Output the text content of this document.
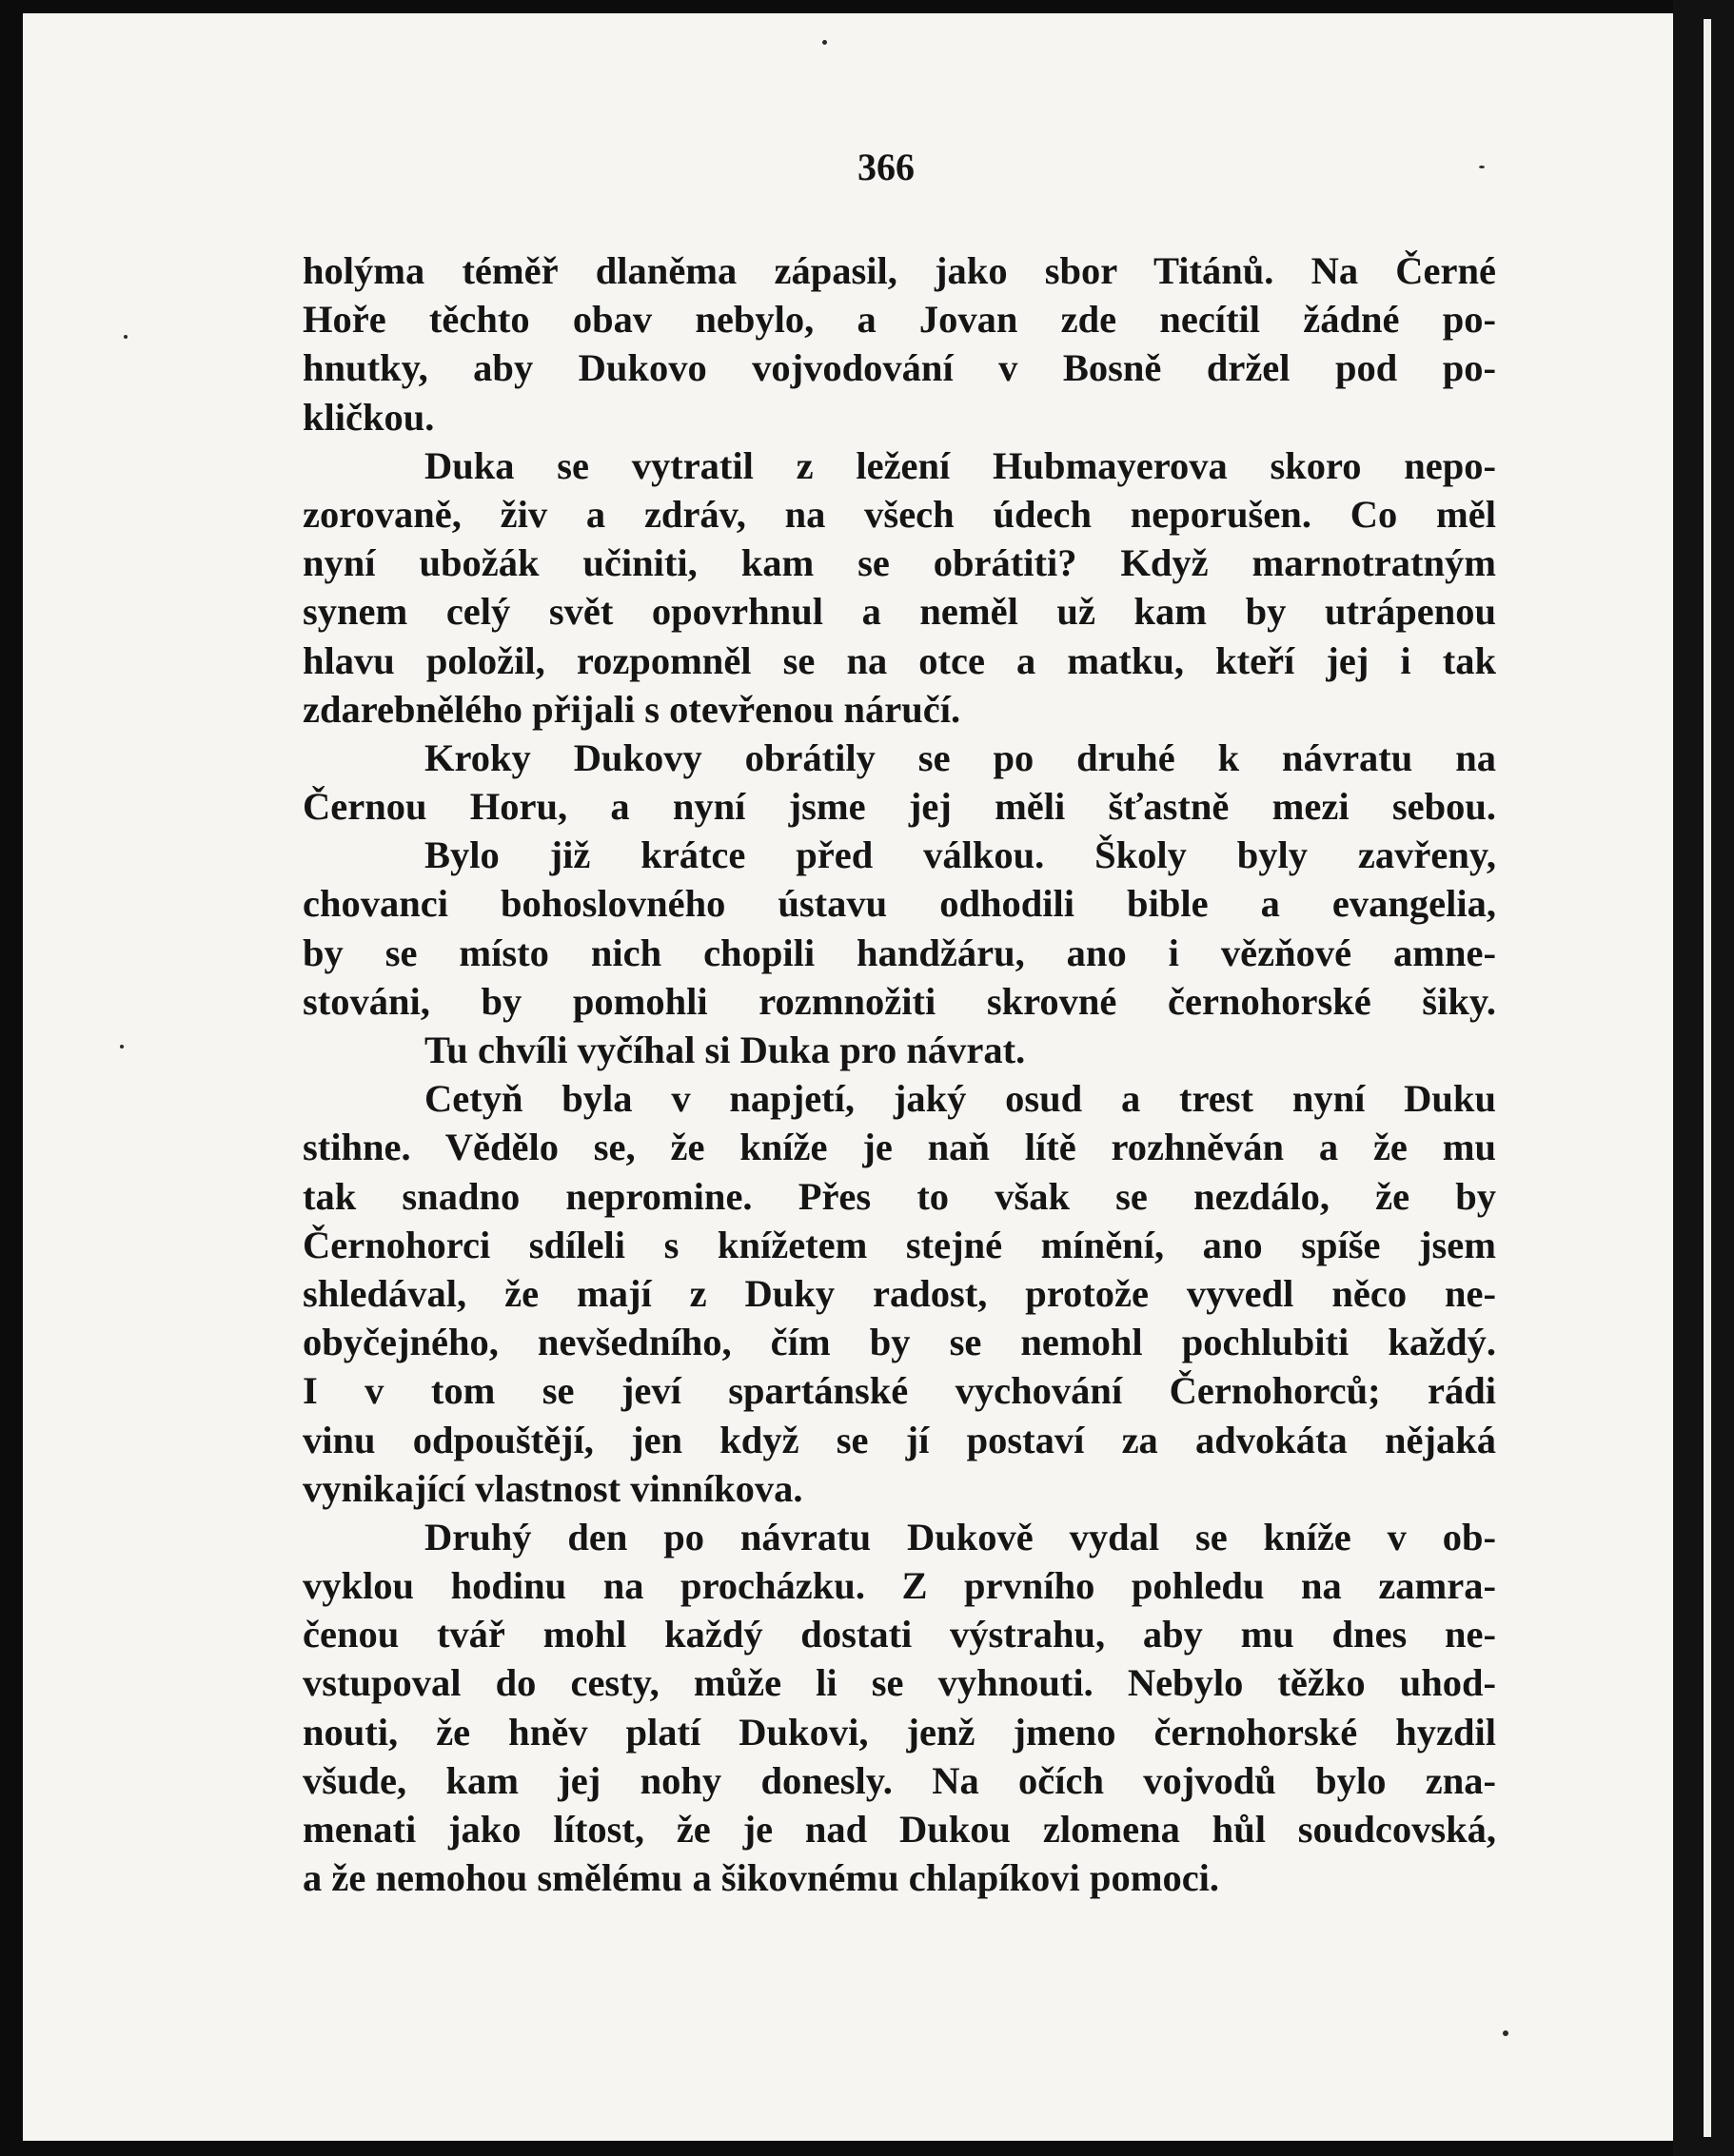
366
holýma téměř dlaněma zápasil, jako sbor Titánů. Na Černé
Hoře těchto obav nebylo, a Jovan zde necítil žádné po-
hnutky, aby Dukovo vojvodování v Bosně držel pod po-
kličkou.
Duka se vytratil z ležení Hubmayerova skoro nepo-
zorovaně, živ a zdráv, na všech údech neporušen. Co měl
nyní ubožák učiniti, kam se obrátiti? Když marnotratným
synem celý svět opovrhnul a neměl už kam by utrápenou
hlavu položil, rozpomněl se na otce a matku, kteří jej i tak
zdarebnělého přijali s otevřenou náručí.
Kroky Dukovy obrátily se po druhé k návratu na
Černou Horu, a nyní jsme jej měli šťastně mezi sebou.
Bylo již krátce před válkou. Školy byly zavřeny,
chovanci bohoslovného ústavu odhodili bible a evangelia,
by se místo nich chopili handžáru, ano i vězňové amne-
stováni, by pomohli rozmnožiti skrovné černohorské šiky.
Tu chvíli vyčíhal si Duka pro návrat.
Cetyň byla v napjetí, jaký osud a trest nyní Duku
stihne. Vědělo se, že kníže je naň lítě rozhněván a že mu
tak snadno nepromine. Přes to však se nezdálo, že by
Černohorci sdíleli s knížetem stejné mínění, ano spíše jsem
shledával, že mají z Duky radost, protože vyvedl něco ne-
obyčejného, nevšedního, čím by se nemohl pochlubiti každý.
I v tom se jeví spartánské vychování Černohorců; rádi
vinu odpouštějí, jen když se jí postaví za advokáta nějaká
vynikající vlastnost vinníkova.
Druhý den po návratu Dukově vydal se kníže v ob-
vyklou hodinu na procházku. Z prvního pohledu na zamra-
čenou tvář mohl každý dostati výstrahu, aby mu dnes ne-
vstupoval do cesty, může li se vyhnouti. Nebylo těžko uhod-
nouti, že hněv platí Dukovi, jenž jmeno černohorské hyzdil
všude, kam jej nohy donesly. Na očích vojvodů bylo zna-
menati jako lítost, že je nad Dukou zlomena hůl soudcovská,
a že nemohou smělému a šikovnému chlapíkovi pomoci.
